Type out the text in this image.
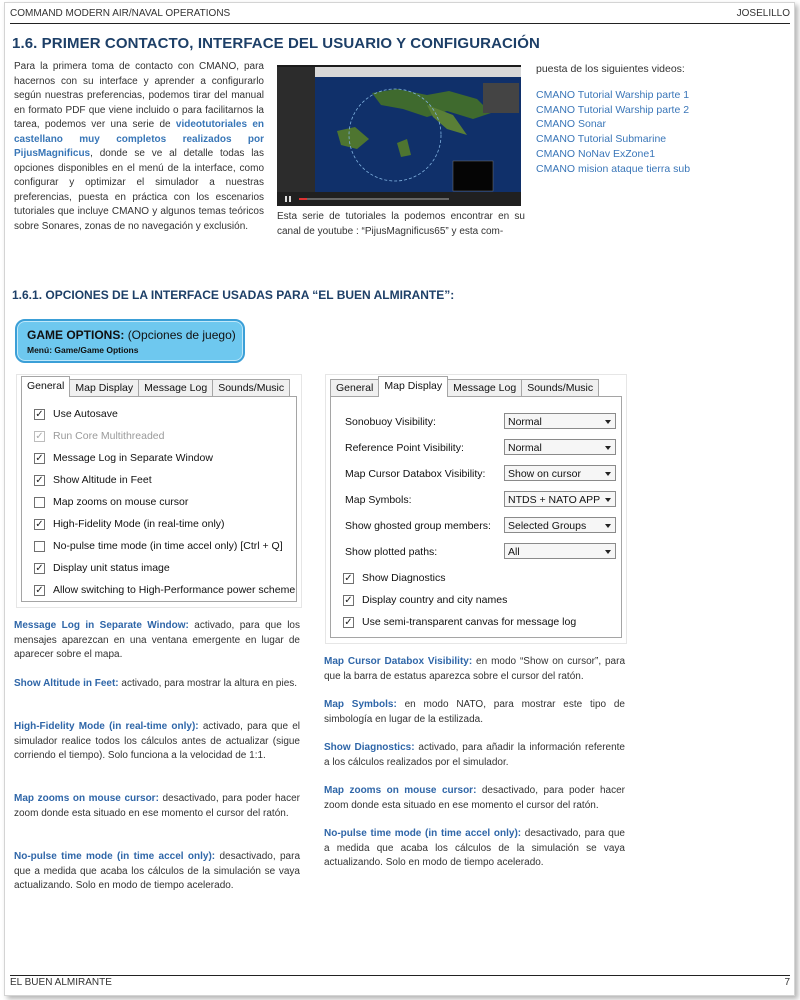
COMMAND MODERN AIR/NAVAL OPERATIONS	JOSELILLO
1.6. PRIMER CONTACTO, INTERFACE DEL USUARIO Y CONFIGURACIÓN

Para la primera toma de contacto con CMANO, para hacernos con su interface y aprender a configurarlo según nuestras preferencias, podemos tirar del manual en formato PDF que viene incluido o para facilitarnos la tarea, podemos ver una serie de videotutoriales en castellano muy completos realizados por PijusMagnificus, donde se ve al detalle todas las opciones disponibles en el menú de la interface, como configurar y optimizar el simulador a nuestras preferencias, puesta en práctica con los escenarios tutoriales que incluye CMANO y algunos temas teóricos sobre Sonares, zonas de no navegación y exclusión.

Esta serie de tutoriales la podemos encontrar en su canal de youtube : “PijusMagnificus65” y esta com-

puesta de los siguientes videos:
CMANO Tutorial Warship parte 1
CMANO Tutorial Warship parte 2
CMANO Sonar
CMANO Tutorial Submarine
CMANO NoNav ExZone1
CMANO mision ataque tierra sub
1.6.1. OPCIONES DE LA INTERFACE USADAS PARA “EL BUEN ALMIRANTE”:
GAME OPTIONS: (Opciones de juego)
Menú: Game/Game Options
General	Map Display	Message Log	Sounds/Music
✓ Use Autosave
✓ Run Core Multithreaded
✓ Message Log in Separate Window
✓ Show Altitude in Feet
Map zooms on mouse cursor
✓ High-Fidelity Mode (in real-time only)
No-pulse time mode (in time accel only) [Ctrl + Q]
✓ Display unit status image
✓ Allow switching to High-Performance power scheme
General	Map Display	Message Log	Sounds/Music
Sonobuoy Visibility:	Normal
Reference Point Visibility:	Normal
Map Cursor Databox Visibility:	Show on cursor
Map Symbols:	NTDS + NATO APP
Show ghosted group members:	Selected Groups
Show plotted paths:	All
✓ Show Diagnostics
✓ Display country and city names
✓ Use semi-transparent canvas for message log

Message Log in Separate Window: activado, para que los mensajes aparezcan en una ventana emergente en lugar de aparecer sobre el mapa.

Show Altitude in Feet: activado, para mostrar la altura en pies.

High-Fidelity Mode (in real-time only): activado, para que el simulador realice todos los cálculos antes de actualizar (sigue corriendo el tiempo). Solo funciona a la velocidad de 1:1.

Map zooms on mouse cursor: desactivado, para poder hacer zoom donde esta situado en ese momento el cursor del ratón.

No-pulse time mode (in time accel only): desactivado, para que a medida que acaba los cálculos de la simulación se vaya actualizando. Solo en modo de tiempo acelerado.

Map Cursor Databox Visibility: en modo “Show on cursor”, para que la barra de estatus aparezca sobre el cursor del ratón.

Map Symbols: en modo NATO, para mostrar este tipo de simbología en lugar de la estilizada.

Show Diagnostics: activado, para añadir la información referente a los cálculos realizados por el simulador.

Map zooms on mouse cursor: desactivado, para poder hacer zoom donde esta situado en ese momento el cursor del ratón.

No-pulse time mode (in time accel only): desactivado, para que a medida que acaba los cálculos de la simulación se vaya actualizando. Solo en modo de tiempo acelerado.

EL BUEN ALMIRANTE	7
